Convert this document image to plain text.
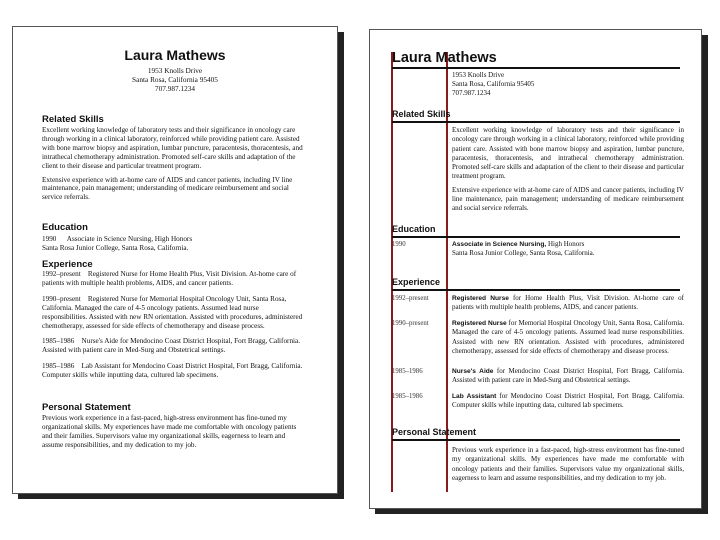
Laura Mathews
1953 Knolls Drive
Santa Rosa, California 95405
707.987.1234
Related Skills

Excellent working knowledge of laboratory tests and their significance in oncology care through working in a clinical laboratory, reinforced while providing patient care. Assisted with bone marrow biopsy and aspiration, lumbar puncture, paracentesis, thoracentesis, and intrathecal chemotherapy administration. Promoted self-care skills and adaptation of the client to their disease and particular treatment program.

Extensive experience with at-home care of AIDS and cancer patients, including IV line maintenance, pain management; understanding of medicare reimbursement and social service referrals.

Education

1990      Associate in Science Nursing, High Honors

Santa Rosa Junior College, Santa Rosa, California.

Experience

1992–present    Registered Nurse for Home Health Plus, Visit Division. At-home care of patients with multiple health problems, AIDS, and cancer patients.

1990–present    Registered Nurse for Memorial Hospital Oncology Unit, Santa Rosa, California. Managed the care of 4-5 oncology patients. Assumed lead nurse responsibilities. Assisted with new RN orientation. Assisted with procedures, administered chemotherapy, assessed for side effects of chemotherapy and disease process.

1985–1986    Nurse's Aide for Mendocino Coast District Hospital, Fort Bragg, California. Assisted with patient care in Med-Surg and Obstetrical settings.

1985–1986    Lab Assistant for Mendocino Coast District Hospital, Fort Bragg, California. Computer skills while inputting data, cultured lab specimens.

Personal Statement
Previous work experience in a fast-paced, high-stress environment has fine-tuned my organizational skills. My experiences have made me comfortable with oncology patients and their families. Supervisors value my organizational skills, eagerness to learn and assume responsibilities, and my dedication to my job.
Laura Mathews
1953 Knolls Drive
Santa Rosa, California 95405
707.987.1234
Related Skills

Excellent working knowledge of laboratory tests and their significance in oncology care through working in a clinical laboratory, reinforced while providing patient care. Assisted with bone marrow biopsy and aspiration, lumbar puncture, paracentesis, thoracentesis, and intrathecal chemotherapy administration. Promoted self-care skills and adaptation of the client to their disease and particular treatment program.

Extensive experience with at-home care of AIDS and cancer patients, including IV line maintenance, pain management; understanding of medicare reimbursement and social service referrals.

Education
1990	Associate in Science Nursing, High Honors

Santa Rosa Junior College, Santa Rosa, California.

Experience
1992–present	Registered Nurse for Home Health Plus, Visit Division. At-home care of patients with multiple health problems, AIDS, and cancer patients.
1990–present	Registered Nurse for Memorial Hospital Oncology Unit, Santa Rosa, California. Managed the care of 4-5 oncology patients. Assumed lead nurse responsibilities. Assisted with new RN orientation. Assisted with procedures, administered chemotherapy, assessed for side effects of chemotherapy and disease process.
1985–1986	Nurse's Aide for Mendocino Coast District Hospital, Fort Bragg, California. Assisted with patient care in Med-Surg and Obstetrical settings.
1985–1986	Lab Assistant for Mendocino Coast District Hospital, Fort Bragg, California. Computer skills while inputting data, cultured lab specimens.
Personal Statement
Previous work experience in a fast-paced, high-stress environment has fine-tuned my organizational skills. My experiences have made me comfortable with oncology patients and their families. Supervisors value my organizational skills, eagerness to learn and assume responsibilities, and my dedication to my job.
